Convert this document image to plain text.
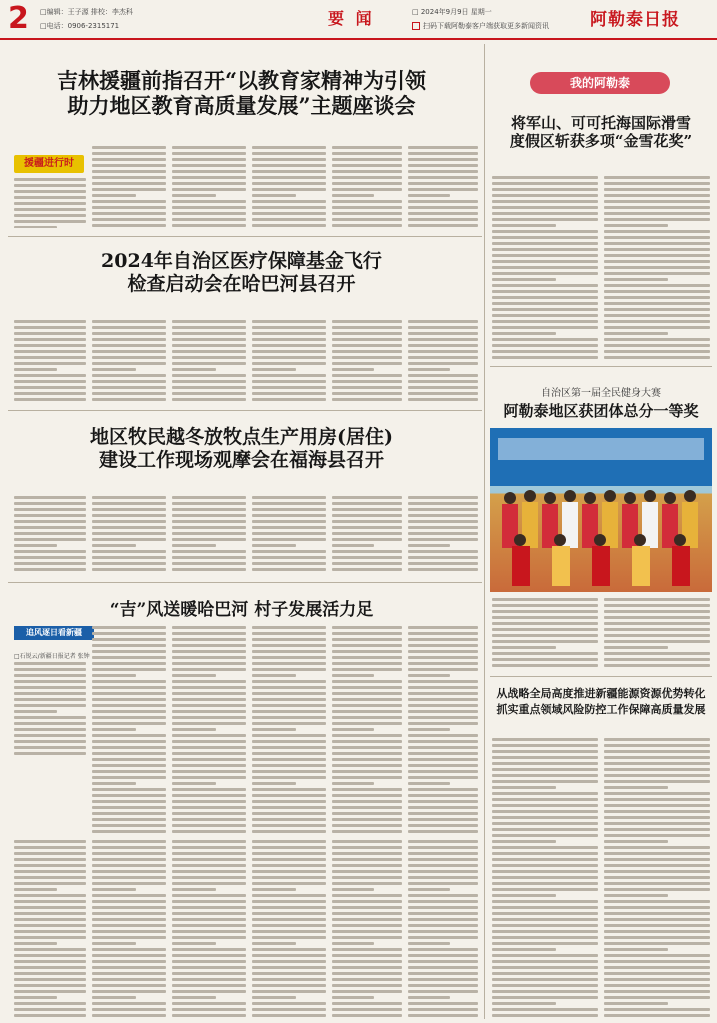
2 □编辑：王子源 排校：李杰科
□电话：0906-2315171	要 闻	□ 2024年9月9日 星期一
扫码下载阿勒泰客户端获取更多新闻资讯 阿勒泰日报
吉林援疆前指召开“以教育家精神为引领
助力地区教育高质量发展”主题座谈会
援疆进行时
2024年自治区医疗保障基金飞行
检查启动会在哈巴河县召开
地区牧民越冬放牧点生产用房(居住)
建设工作现场观摩会在福海县召开
“吉”风送暖哈巴河 村子发展活力足
追风逐日看新疆
□石锐云/新疆日报记者 张钟
我的阿勒泰
将军山、可可托海国际滑雪
度假区斩获多项“金雪花奖”
自治区第一届全民健身大赛
阿勒泰地区获团体总分一等奖
从战略全局高度推进新疆能源资源优势转化
抓实重点领域风险防控工作保障高质量发展
